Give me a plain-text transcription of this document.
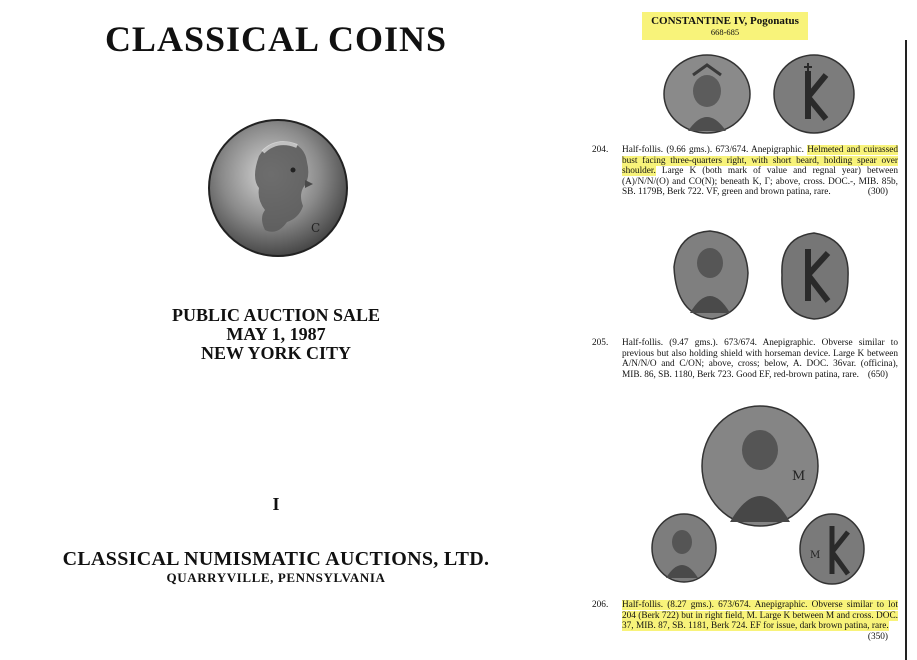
CLASSICAL COINS
C
PUBLIC AUCTION SALE
MAY 1, 1987
NEW YORK CITY
I
CLASSICAL NUMISMATIC AUCTIONS, LTD.
QUARRYVILLE, PENNSYLVANIA
CONSTANTINE IV, Pogonatus
668-685
204. Half-follis. (9.66 gms.). 673/674. Anepigraphic. Helmeted and cuirassed bust facing three-quarters right, with short beard, holding spear over shoulder. Large K (both mark of value and regnal year) between (A)/N/N/(O) and CO(N); beneath K, Γ; above, cross. DOC.-, MIB. 85b, SB. 1179B, Berk 722. VF, green and brown patina, rare.	(300)
205. Half-follis. (9.47 gms.). 673/674. Anepigraphic. Obverse similar to previous but also holding shield with horseman device. Large K between A/N/N/O and C/ON; above, cross; below, A. DOC. 36var. (officina), MIB. 86, SB. 1180, Berk 723. Good EF, red-brown patina, rare. (650)
M
M
206. Half-follis. (8.27 gms.). 673/674. Anepigraphic. Obverse similar to lot 204 (Berk 722) but in right field, M. Large K between M and cross. DOC. 37, MIB. 87, SB. 1181, Berk 724. EF for issue, dark brown patina, rare.
(350)
